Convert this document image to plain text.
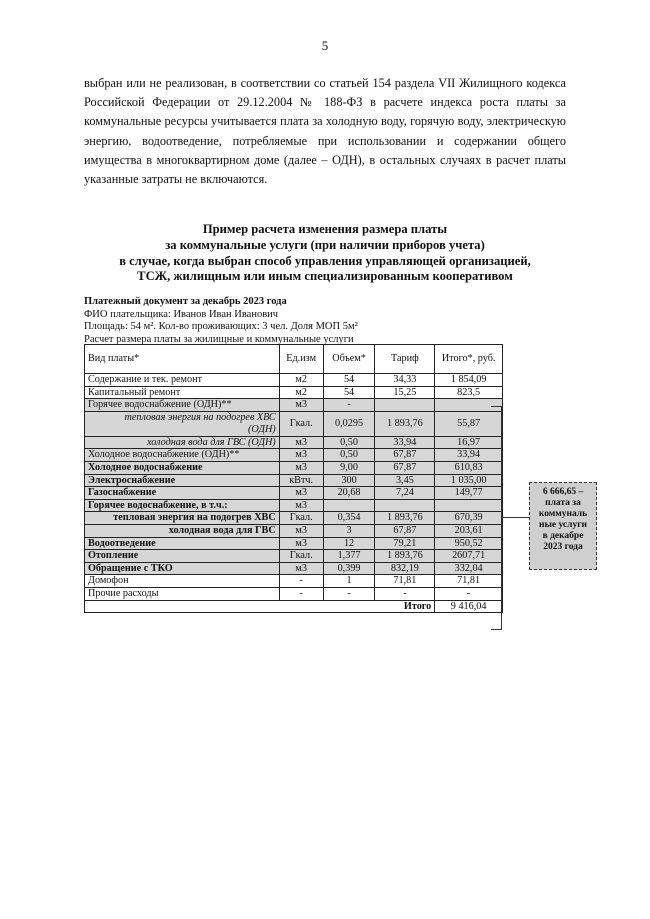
5
выбран или не реализован, в соответствии со статьей 154 раздела VII Жилищного кодекса Российской Федерации от 29.12.2004 № 188-ФЗ в расчете индекса роста платы за коммунальные ресурсы учитывается плата за холодную воду, горячую воду, электрическую энергию, водоотведение, потребляемые при использовании и содержании общего имущества в многоквартирном доме (далее – ОДН), в остальных случаях в расчет платы указанные затраты не включаются.
Пример расчета изменения размера платы
за коммунальные услуги (при наличии приборов учета)
в случае, когда выбран способ управления управляющей организацией,
ТСЖ, жилищным или иным специализированным кооперативом
Платежный документ за декабрь 2023 года
ФИО плательщика: Иванов Иван Иванович
Площадь: 54 м². Кол-во проживающих: 3 чел. Доля МОП 5м²
Расчет размера платы за жилищные и коммунальные услуги
Вид платы*	Ед.изм	Объем*	Тариф	Итого*, руб.
Содержание и тек. ремонт	м2	54	34,33	1 854,09
Капитальный ремонт	м2	54	15,25	823,5
Горячее водоснабжение (ОДН)**	м3	-		
тепловая энергия на подогрев ХВС (ОДН)	Гкал.	0,0295	1 893,76	55,87
холодная вода для ГВС (ОДН)	м3	0,50	33,94	16,97
Холодное водоснабжение (ОДН)**	м3	0,50	67,87	33,94
Холодное водоснабжение	м3	9,00	67,87	610,83
Электроснабжение	кВтч.	300	3,45	1 035,00
Газоснабжение	м3	20,68	7,24	149,77
Горячее водоснабжение, в т.ч.:	м3			
тепловая энергия на подогрев ХВС	Гкал.	0,354	1 893,76	670,39
холодная вода для ГВС	м3	3	67,87	203,61
Водоотведение	м3	12	79,21	950,52
Отопление	Гкал.	1,377	1 893,76	2607,71
Обращение с ТКО	м3	0,399	832,19	332,04
Домофон	-	1	71,81	71,81
Прочие расходы	-	-	-	-
Итого				9 416,04
6 666,65 –
плата за
коммуналь
ные услуги
в декабре
2023 года
